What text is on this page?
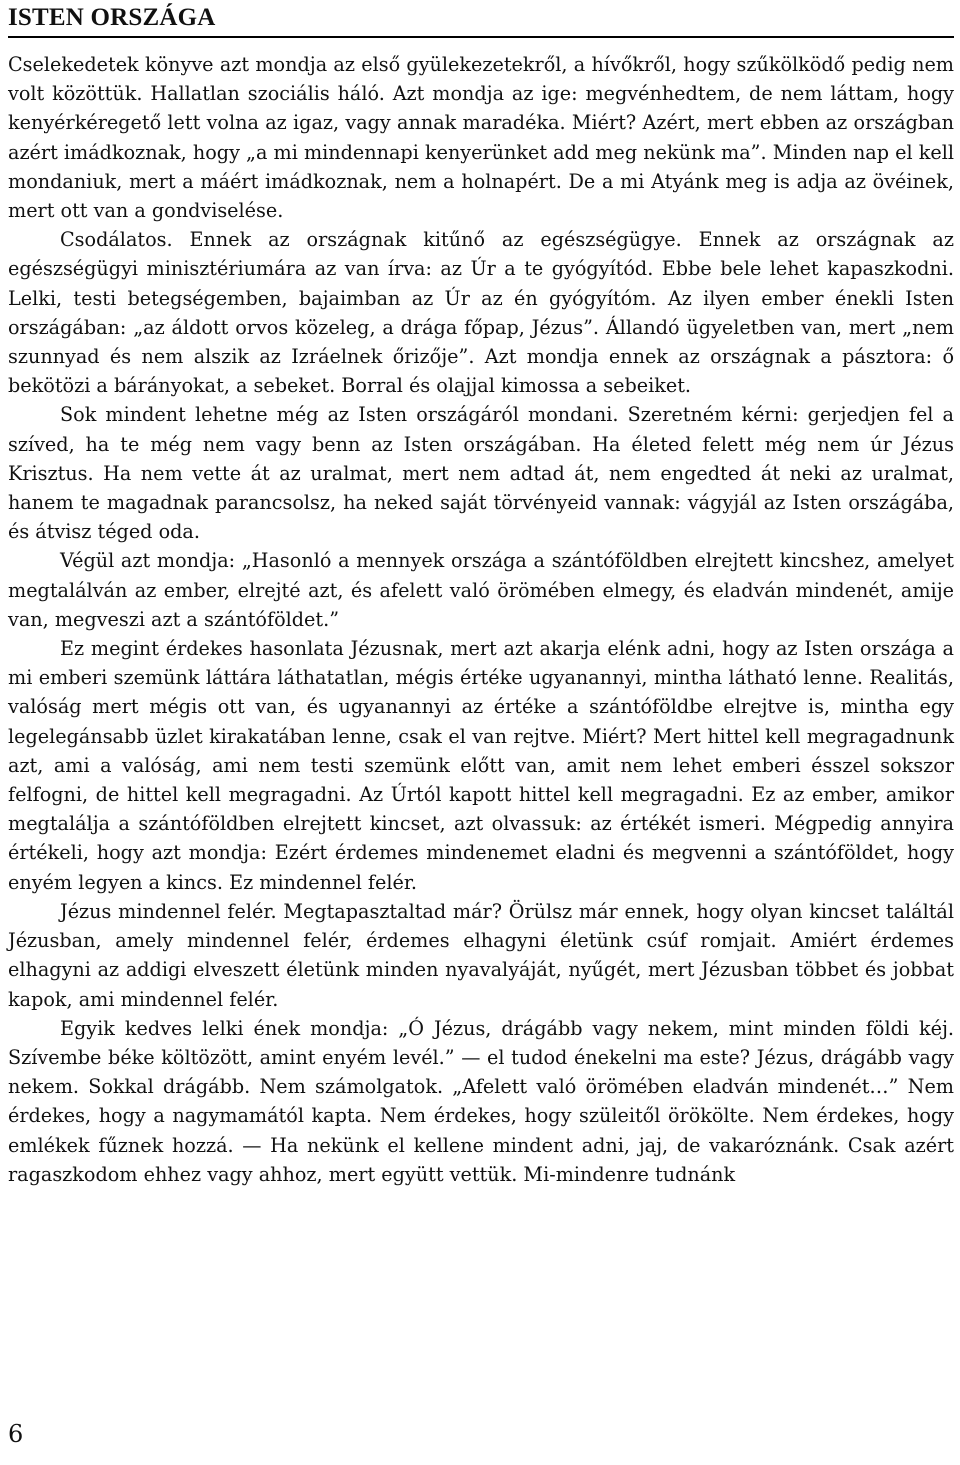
ISTEN ORSZÁGA

Cselekedetek könyve azt mondja az első gyülekezetekről, a hívőkről, hogy szűkölködő pedig nem volt közöttük. Hallatlan szociális háló. Azt mondja az ige: megvénhedtem, de nem láttam, hogy kenyérkéregető lett volna az igaz, vagy annak maradéka. Miért? Azért, mert ebben az országban azért imádkoznak, hogy „a mi mindennapi kenyerünket add meg nekünk ma”. Minden nap el kell mondaniuk, mert a máért imádkoznak, nem a holnapért. De a mi Atyánk meg is adja az övéinek, mert ott van a gondviselése.

Csodálatos. Ennek az országnak kitűnő az egészségügye. Ennek az országnak az egészségügyi minisztériumára az van írva: az Úr a te gyógyítód. Ebbe bele lehet kapaszkodni. Lelki, testi betegségemben, bajaimban az Úr az én gyógyítóm. Az ilyen ember énekli Isten országában: „az áldott orvos közeleg, a drága főpap, Jézus”. Állandó ügyeletben van, mert „nem szunnyad és nem alszik az Izráelnek őrizője”. Azt mondja ennek az országnak a pásztora: ő bekötözi a bárányokat, a sebeket. Borral és olajjal kimossa a sebeiket.

Sok mindent lehetne még az Isten országáról mondani. Szeretném kérni: gerjedjen fel a szíved, ha te még nem vagy benn az Isten országában. Ha életed felett még nem úr Jézus Krisztus. Ha nem vette át az uralmat, mert nem adtad át, nem engedted át neki az uralmat, hanem te magadnak parancsolsz, ha neked saját törvényeid vannak: vágyjál az Isten országába, és átvisz téged oda.

Végül azt mondja: „Hasonló a mennyek országa a szántóföldben elrejtett kincshez, amelyet megtalálván az ember, elrejté azt, és afelett való örömében elmegy, és eladván mindenét, amije van, megveszi azt a szántóföldet.”

Ez megint érdekes hasonlata Jézusnak, mert azt akarja elénk adni, hogy az Isten országa a mi emberi szemünk láttára láthatatlan, mégis értéke ugyanannyi, mintha látható lenne. Realitás, valóság mert mégis ott van, és ugyanannyi az értéke a szántóföldbe elrejtve is, mintha egy legelegánsabb üzlet kirakatában lenne, csak el van rejtve. Miért? Mert hittel kell megragadnunk azt, ami a valóság, ami nem testi szemünk előtt van, amit nem lehet emberi ésszel sokszor felfogni, de hittel kell megragadni. Az Úrtól kapott hittel kell megragadni. Ez az ember, amikor megtalálja a szántóföldben elrejtett kincset, azt olvassuk: az értékét ismeri. Mégpedig annyira értékeli, hogy azt mondja: Ezért érdemes mindenemet eladni és megvenni a szántóföldet, hogy enyém legyen a kincs. Ez mindennel felér.

Jézus mindennel felér. Megtapasztaltad már? Örülsz már ennek, hogy olyan kincset találtál Jézusban, amely mindennel felér, érdemes elhagyni életünk csúf romjait. Amiért érdemes elhagyni az addigi elveszett életünk minden nyavalyáját, nyűgét, mert Jézusban többet és jobbat kapok, ami mindennel felér.

Egyik kedves lelki ének mondja: „Ó Jézus, drágább vagy nekem, mint minden földi kéj. Szívembe béke költözött, amint enyém levél.” — el tudod énekelni ma este? Jézus, drágább vagy nekem. Sokkal drágább. Nem számolgatok. „Afelett való örömében eladván mindenét…” Nem érdekes, hogy a nagymamától kapta. Nem érdekes, hogy szüleitől örökölte. Nem érdekes, hogy emlékek fűznek hozzá. — Ha nekünk el kellene mindent adni, jaj, de vakaróznánk. Csak azért ragaszkodom ehhez vagy ahhoz, mert együtt vettük. Mi-mindenre tudnánk

6
